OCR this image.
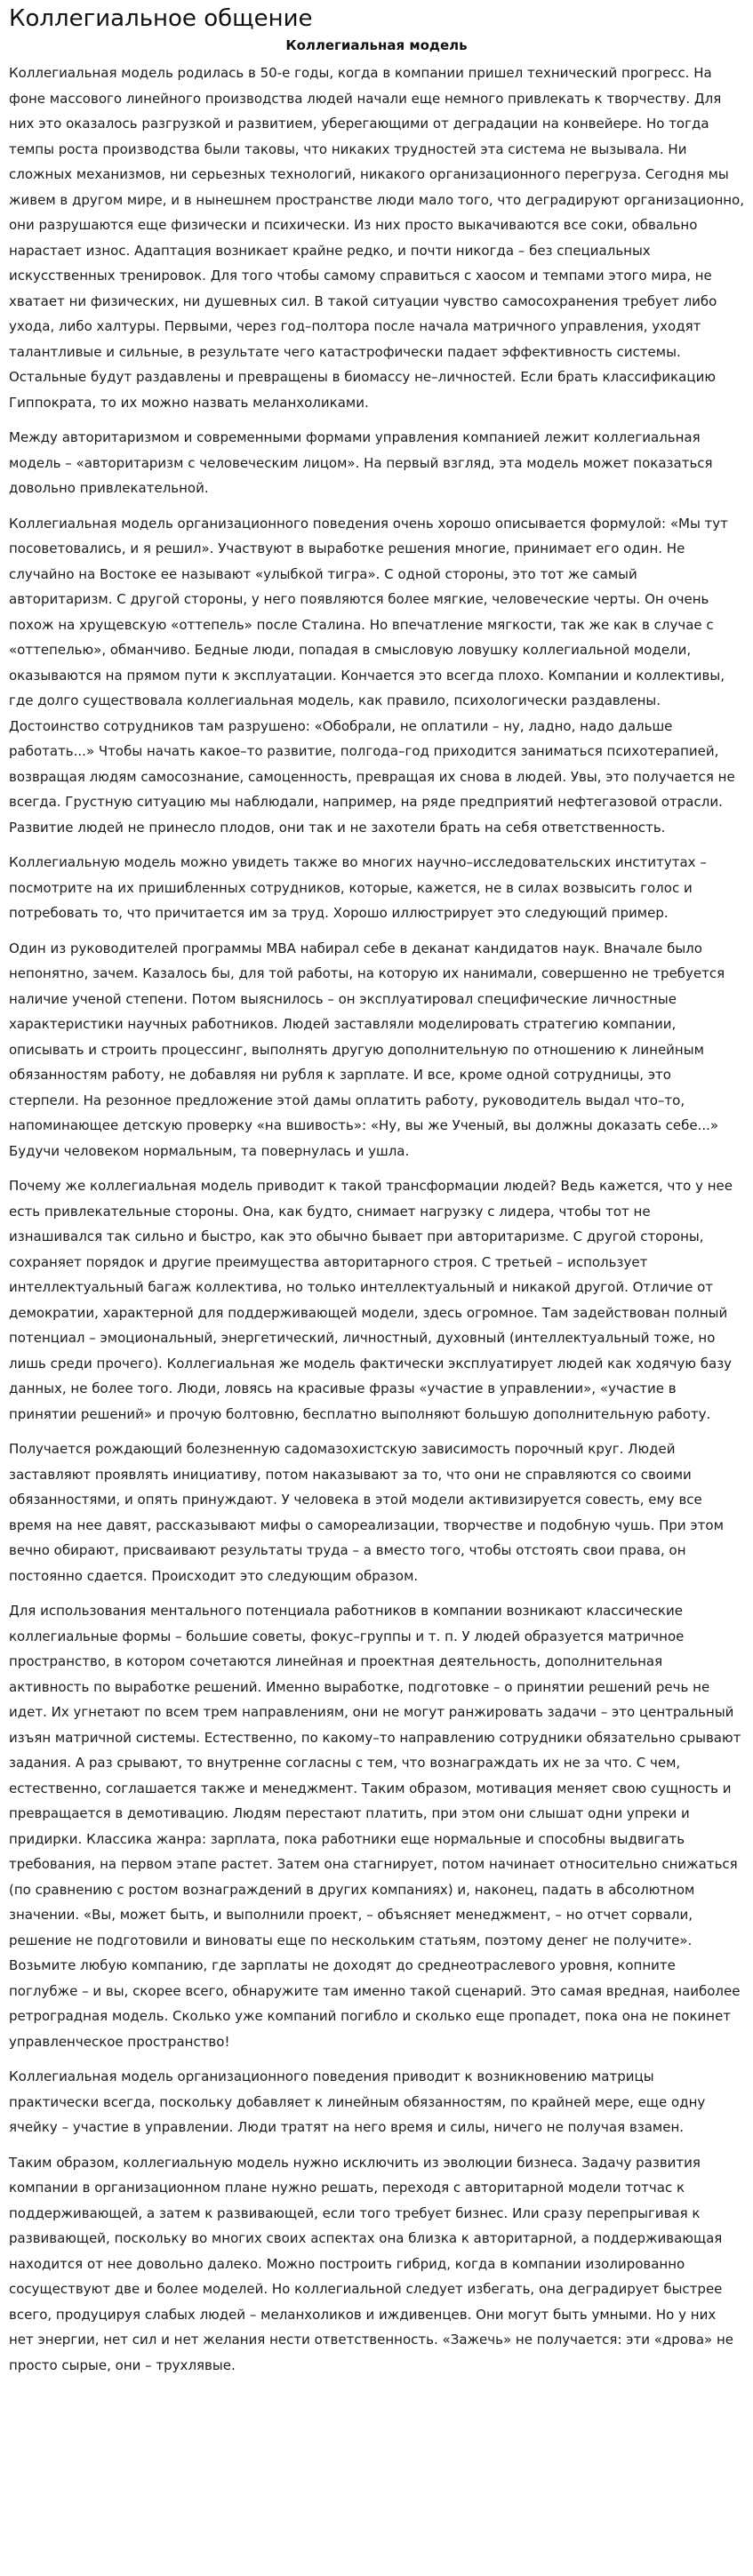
Коллегиальное общение
Коллегиальная модель

Коллегиальная модель родилась в 50-е годы, когда в компании пришел технический прогресс. На фоне массового линейного производства людей начали еще немного привлекать к творчеству. Для них это оказалось разгрузкой и развитием, уберегающими от деградации на конвейере. Но тогда темпы роста производства были таковы, что никаких трудностей эта система не вызывала. Ни сложных механизмов, ни серьезных технологий, никакого организационного перегруза. Сегодня мы живем в другом мире, и в нынешнем пространстве люди мало того, что деградируют организационно, они разрушаются еще физически и психически. Из них просто выкачиваются все соки, обвально нарастает износ. Адаптация возникает крайне редко, и почти никогда – без специальных искусственных тренировок. Для того чтобы самому справиться с хаосом и темпами этого мира, не хватает ни физических, ни душевных сил. В такой ситуации чувство самосохранения требует либо ухода, либо халтуры. Первыми, через год–полтора после начала матричного управления, уходят талантливые и сильные, в результате чего катастрофически падает эффективность системы. Остальные будут раздавлены и превращены в биомассу не–личностей. Если брать классификацию Гиппократа, то их можно назвать меланхоликами.

Между авторитаризмом и современными формами управления компанией лежит коллегиальная модель – «авторитаризм с человеческим лицом». На первый взгляд, эта модель может показаться довольно привлекательной.

Коллегиальная модель организационного поведения очень хорошо описывается формулой: «Мы тут посоветовались, и я решил». Участвуют в выработке решения многие, принимает его один. Не случайно на Востоке ее называют «улыбкой тигра». С одной стороны, это тот же самый авторитаризм. С другой стороны, у него появляются более мягкие, человеческие черты. Он очень похож на хрущевскую «оттепель» после Сталина. Но впечатление мягкости, так же как в случае с «оттепелью», обманчиво. Бедные люди, попадая в смысловую ловушку коллегиальной модели, оказываются на прямом пути к эксплуатации. Кончается это всегда плохо. Компании и коллективы, где долго существовала коллегиальная модель, как правило, психологически раздавлены. Достоинство сотрудников там разрушено: «Обобрали, не оплатили – ну, ладно, надо дальше работать...» Чтобы начать какое–то развитие, полгода–год приходится заниматься психотерапией, возвращая людям самосознание, самоценность, превращая их снова в людей. Увы, это получается не всегда. Грустную ситуацию мы наблюдали, например, на ряде предприятий нефтегазовой отрасли. Развитие людей не принесло плодов, они так и не захотели брать на себя ответственность.

Коллегиальную модель можно увидеть также во многих научно–исследовательских институтах – посмотрите на их пришибленных сотрудников, которые, кажется, не в силах возвысить голос и потребовать то, что причитается им за труд. Хорошо иллюстрирует это следующий пример.

Один из руководителей программы MBA набирал себе в деканат кандидатов наук. Вначале было непонятно, зачем. Казалось бы, для той работы, на которую их нанимали, совершенно не требуется наличие ученой степени. Потом выяснилось – он эксплуатировал специфические личностные характеристики научных работников. Людей заставляли моделировать стратегию компании, описывать и строить процессинг, выполнять другую дополнительную по отношению к линейным обязанностям работу, не добавляя ни рубля к зарплате. И все, кроме одной сотрудницы, это стерпели. На резонное предложение этой дамы оплатить работу, руководитель выдал что–то, напоминающее детскую проверку «на вшивость»: «Ну, вы же Ученый, вы должны доказать себе...» Будучи человеком нормальным, та повернулась и ушла.

Почему же коллегиальная модель приводит к такой трансформации людей? Ведь кажется, что у нее есть привлекательные стороны. Она, как будто, снимает нагрузку с лидера, чтобы тот не изнашивался так сильно и быстро, как это обычно бывает при авторитаризме. С другой стороны, сохраняет порядок и другие преимущества авторитарного строя. С третьей – использует интеллектуальный багаж коллектива, но только интеллектуальный и никакой другой. Отличие от демократии, характерной для поддерживающей модели, здесь огромное. Там задействован полный потенциал – эмоциональный, энергетический, личностный, духовный (интеллектуальный тоже, но лишь среди прочего). Коллегиальная же модель фактически эксплуатирует людей как ходячую базу данных, не более того. Люди, ловясь на красивые фразы «участие в управлении», «участие в принятии решений» и прочую болтовню, бесплатно выполняют большую дополнительную работу.

Получается рождающий болезненную садомазохистскую зависимость порочный круг. Людей заставляют проявлять инициативу, потом наказывают за то, что они не справляются со своими обязанностями, и опять принуждают. У человека в этой модели активизируется совесть, ему все время на нее давят, рассказывают мифы о самореализации, творчестве и подобную чушь. При этом вечно обирают, присваивают результаты труда – а вместо того, чтобы отстоять свои права, он постоянно сдается. Происходит это следующим образом.

Для использования ментального потенциала работников в компании возникают классические коллегиальные формы – большие советы, фокус–группы и т. п. У людей образуется матричное пространство, в котором сочетаются линейная и проектная деятельность, дополнительная активность по выработке решений. Именно выработке, подготовке – о принятии решений речь не идет. Их угнетают по всем трем направлениям, они не могут ранжировать задачи – это центральный изъян матричной системы. Естественно, по какому–то направлению сотрудники обязательно срывают задания. А раз срывают, то внутренне согласны с тем, что вознаграждать их не за что. С чем, естественно, соглашается также и менеджмент. Таким образом, мотивация меняет свою сущность и превращается в демотивацию. Людям перестают платить, при этом они слышат одни упреки и придирки. Классика жанра: зарплата, пока работники еще нормальные и способны выдвигать требования, на первом этапе растет. Затем она стагнирует, потом начинает относительно снижаться (по сравнению с ростом вознаграждений в других компаниях) и, наконец, падать в абсолютном значении. «Вы, может быть, и выполнили проект, – объясняет менеджмент, – но отчет сорвали, решение не подготовили и виноваты еще по нескольким статьям, поэтому денег не получите». Возьмите любую компанию, где зарплаты не доходят до среднеотраслевого уровня, копните поглубже – и вы, скорее всего, обнаружите там именно такой сценарий. Это самая вредная, наиболее ретроградная модель. Сколько уже компаний погибло и сколько еще пропадет, пока она не покинет управленческое пространство!

Коллегиальная модель организационного поведения приводит к возникновению матрицы практически всегда, поскольку добавляет к линейным обязанностям, по крайней мере, еще одну ячейку – участие в управлении. Люди тратят на него время и силы, ничего не получая взамен.

Таким образом, коллегиальную модель нужно исключить из эволюции бизнеса. Задачу развития компании в организационном плане нужно решать, переходя с авторитарной модели тотчас к поддерживающей, а затем к развивающей, если того требует бизнес. Или сразу перепрыгивая к развивающей, поскольку во многих своих аспектах она близка к авторитарной, а поддерживающая находится от нее довольно далеко. Можно построить гибрид, когда в компании изолированно сосуществуют две и более моделей. Но коллегиальной следует избегать, она деградирует быстрее всего, продуцируя слабых людей – меланхоликов и иждивенцев. Они могут быть умными. Но у них нет энергии, нет сил и нет желания нести ответственность. «Зажечь» не получается: эти «дрова» не просто сырые, они – трухлявые.
